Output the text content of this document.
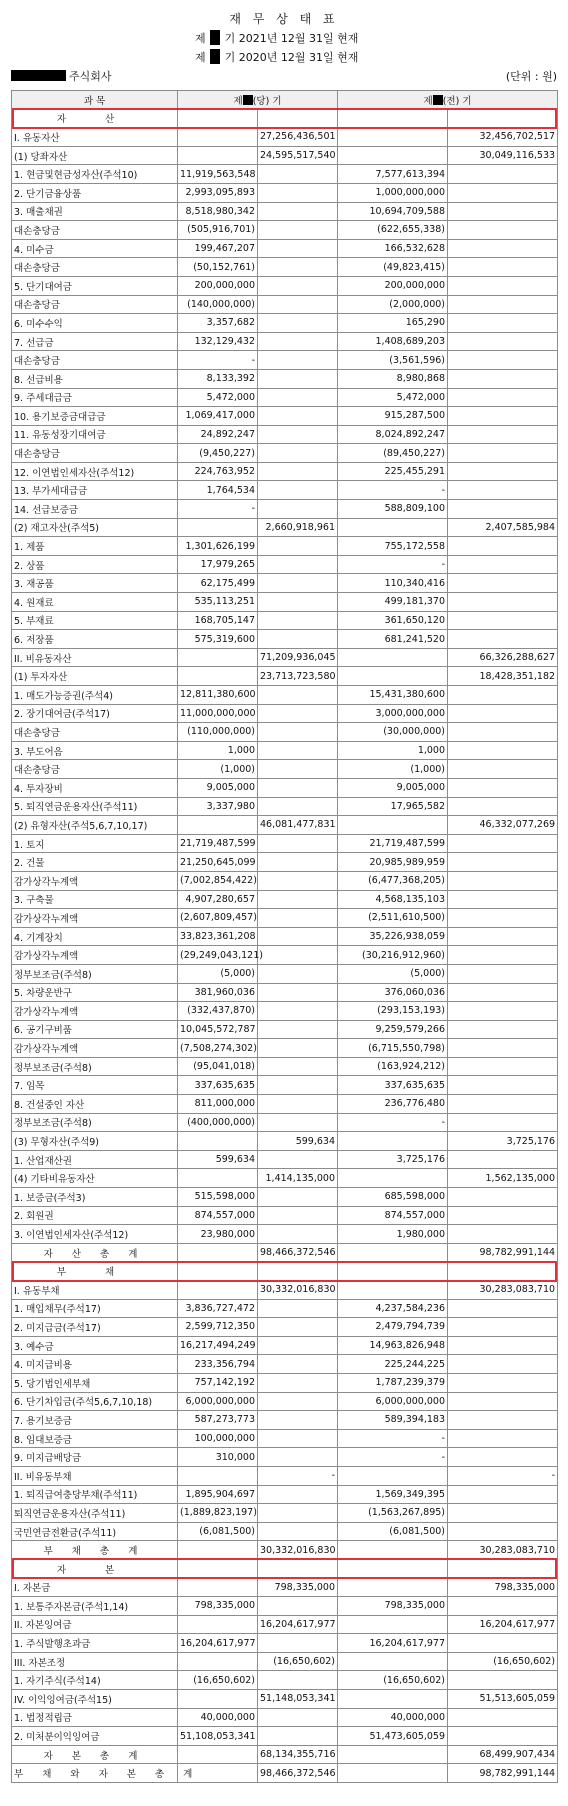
재 무 상 태 표
제 기 2021년 12월 31일 현재
제 기 2020년 12월 31일 현재
주식회사	(단위 : 원)
과 목	제 (당) 기		제 (전) 기	
자 산				
I. 유동자산		27,256,436,501		32,456,702,517
(1) 당좌자산		24,595,517,540		30,049,116,533
1. 현금및현금성자산(주석10)	11,919,563,548		7,577,613,394	
2. 단기금융상품	2,993,095,893		1,000,000,000	
3. 매출채권	8,518,980,342		10,694,709,588	
대손충당금	(505,916,701)		(622,655,338)	
4. 미수금	199,467,207		166,532,628	
대손충당금	(50,152,761)		(49,823,415)	
5. 단기대여금	200,000,000		200,000,000	
대손충당금	(140,000,000)		(2,000,000)	
6. 미수수익	3,357,682		165,290	
7. 선급금	132,129,432		1,408,689,203	
대손충당금	-		(3,561,596)	
8. 선급비용	8,133,392		8,980,868	
9. 주세대급금	5,472,000		5,472,000	
10. 용기보증금대급금	1,069,417,000		915,287,500	
11. 유동성장기대여금	24,892,247		8,024,892,247	
대손충당금	(9,450,227)		(89,450,227)	
12. 이연법인세자산(주석12)	224,763,952		225,455,291	
13. 부가세대급금	1,764,534		-	
14. 선급보증금	-		588,809,100	
(2) 재고자산(주석5)		2,660,918,961		2,407,585,984
1. 제품	1,301,626,199		755,172,558	
2. 상품	17,979,265		-	
3. 재공품	62,175,499		110,340,416	
4. 원재료	535,113,251		499,181,370	
5. 부재료	168,705,147		361,650,120	
6. 저장품	575,319,600		681,241,520	
II. 비유동자산		71,209,936,045		66,326,288,627
(1) 투자자산		23,713,723,580		18,428,351,182
1. 매도가능증권(주석4)	12,811,380,600		15,431,380,600	
2. 장기대여금(주석17)	11,000,000,000		3,000,000,000	
대손충당금	(110,000,000)		(30,000,000)	
3. 부도어음	1,000		1,000	
대손충당금	(1,000)		(1,000)	
4. 투자장비	9,005,000		9,005,000	
5. 퇴직연금운용자산(주석11)	3,337,980		17,965,582	
(2) 유형자산(주석5,6,7,10,17)		46,081,477,831		46,332,077,269
1. 토지	21,719,487,599		21,719,487,599	
2. 건물	21,250,645,099		20,985,989,959	
감가상각누계액	(7,002,854,422)		(6,477,368,205)	
3. 구축물	4,907,280,657		4,568,135,103	
감가상각누계액	(2,607,809,457)		(2,511,610,500)	
4. 기계장치	33,823,361,208		35,226,938,059	
감가상각누계액	(29,249,043,121)		(30,216,912,960)	
정부보조금(주석8)	(5,000)		(5,000)	
5. 차량운반구	381,960,036		376,060,036	
감가상각누계액	(332,437,870)		(293,153,193)	
6. 공기구비품	10,045,572,787		9,259,579,266	
감가상각누계액	(7,508,274,302)		(6,715,550,798)	
정부보조금(주석8)	(95,041,018)		(163,924,212)	
7. 임목	337,635,635		337,635,635	
8. 건설중인 자산	811,000,000		236,776,480	
정부보조금(주석8)	(400,000,000)		-	
(3) 무형자산(주석9)		599,634		3,725,176
1. 산업재산권	599,634		3,725,176	
(4) 기타비유동자산		1,414,135,000		1,562,135,000
1. 보증금(주석3)	515,598,000		685,598,000	
2. 회원권	874,557,000		874,557,000	
3. 이연법인세자산(주석12)	23,980,000		1,980,000	
자 산 총 계		98,466,372,546		98,782,991,144
부 채				
I. 유동부채		30,332,016,830		30,283,083,710
1. 매입채무(주석17)	3,836,727,472		4,237,584,236	
2. 미지급금(주석17)	2,599,712,350		2,479,794,739	
3. 예수금	16,217,494,249		14,963,826,948	
4. 미지급비용	233,356,794		225,244,225	
5. 당기법인세부채	757,142,192		1,787,239,379	
6. 단기차입금(주석5,6,7,10,18)	6,000,000,000		6,000,000,000	
7. 용기보증금	587,273,773		589,394,183	
8. 임대보증금	100,000,000		-	
9. 미지급배당금	310,000		-	
II. 비유동부채		-		-
1. 퇴직급여충당부채(주석11)	1,895,904,697		1,569,349,395	
퇴직연금운용자산(주석11)	(1,889,823,197)		(1,563,267,895)	
국민연금전환금(주석11)	(6,081,500)		(6,081,500)	
부 채 총 계		30,332,016,830		30,283,083,710
자 본				
I. 자본금		798,335,000		798,335,000
1. 보통주자본금(주석1,14)	798,335,000		798,335,000	
II. 자본잉여금		16,204,617,977		16,204,617,977
1. 주식발행초과금	16,204,617,977		16,204,617,977	
III. 자본조정		(16,650,602)		(16,650,602)
1. 자기주식(주석14)	(16,650,602)		(16,650,602)	
IV. 이익잉여금(주석15)		51,148,053,341		51,513,605,059
1. 법정적립금	40,000,000		40,000,000	
2. 미처분이익잉여금	51,108,053,341		51,473,605,059	
자 본 총 계		68,134,355,716		68,499,907,434
부 채 와 자 본 총 계		98,466,372,546		98,782,991,144
